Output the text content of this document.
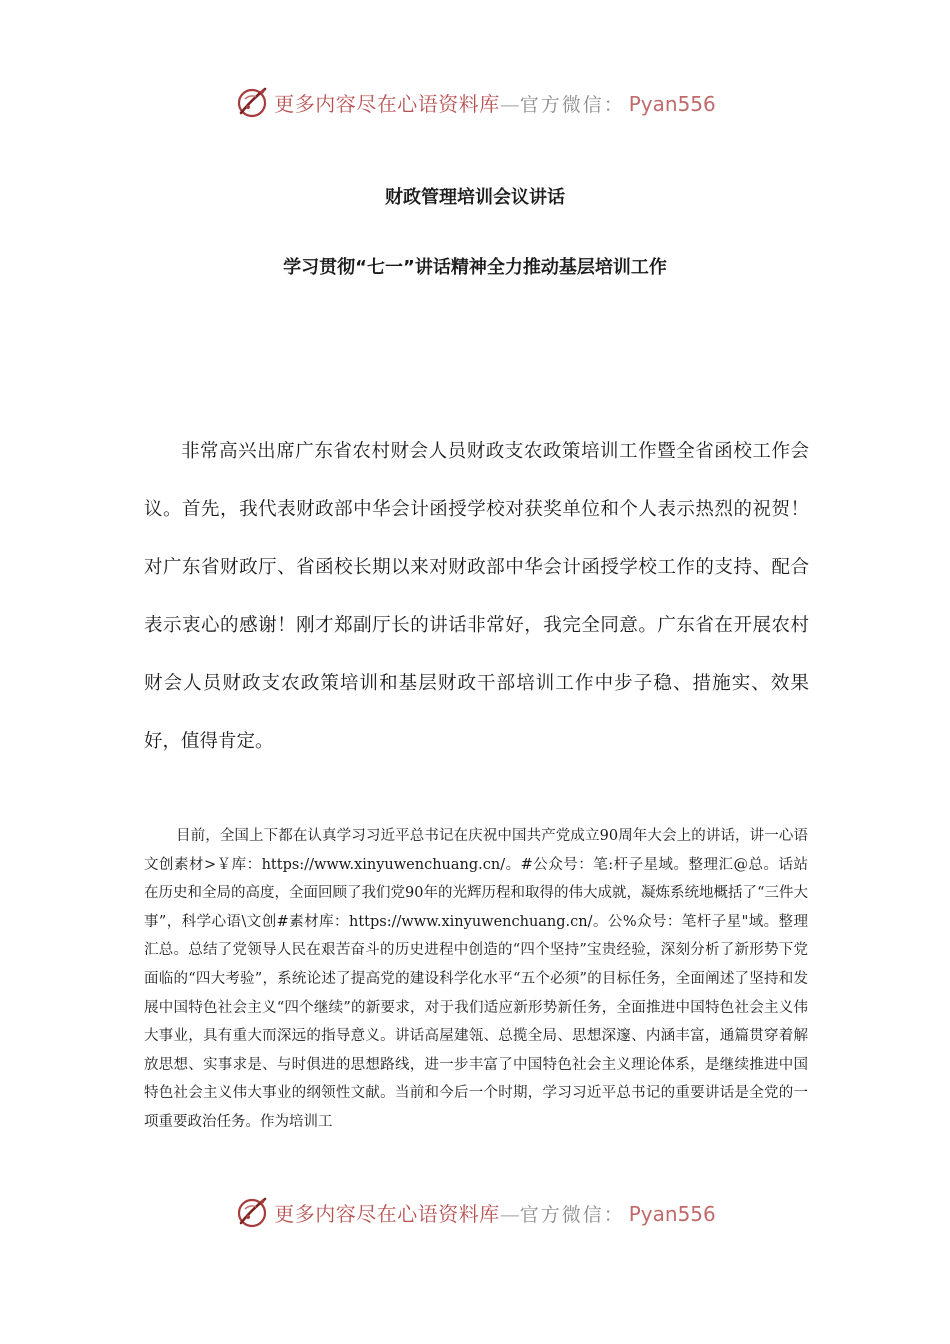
更多内容尽在心语资料库 — 官方微信： Pyan556
财政管理培训会议讲话
学习贯彻“七一”讲话精神全力推动基层培训工作

非常高兴出席广东省农村财会人员财政支农政策培训工作暨全省函校工作会议。首先，我代表财政部中华会计函授学校对获奖单位和个人表示热烈的祝贺！对广东省财政厅、省函校长期以来对财政部中华会计函授学校工作的支持、配合表示衷心的感谢！刚才郑副厅长的讲话非常好，我完全同意。广东省在开展农村财会人员财政支农政策培训和基层财政干部培训工作中步子稳、措施实、效果好，值得肯定。

目前，全国上下都在认真学习习近平总书记在庆祝中国共产党成立90周年大会上的讲话，讲一心语文创素材>￥库：https://www.xinyuwenchuang.cn/。#公众号：笔:杆子星域。整理汇@总。话站在历史和全局的高度，全面回顾了我们党90年的光辉历程和取得的伟大成就，凝炼系统地概括了“三件大事”，科学心语\文创#素材库：https://www.xinyuwenchuang.cn/。公%众号：笔杆子星"域。整理汇总。总结了党领导人民在艰苦奋斗的历史进程中创造的“四个坚持”宝贵经验，深刻分析了新形势下党面临的“四大考验”，系统论述了提高党的建设科学化水平“五个必须”的目标任务，全面阐述了坚持和发展中国特色社会主义“四个继续”的新要求，对于我们适应新形势新任务，全面推进中国特色社会主义伟大事业，具有重大而深远的指导意义。讲话高屋建瓴、总揽全局、思想深邃、内涵丰富，通篇贯穿着解放思想、实事求是、与时俱进的思想路线，进一步丰富了中国特色社会主义理论体系，是继续推进中国特色社会主义伟大事业的纲领性文献。当前和今后一个时期，学习习近平总书记的重要讲话是全党的一项重要政治任务。作为培训工

更多内容尽在心语资料库 — 官方微信： Pyan556
